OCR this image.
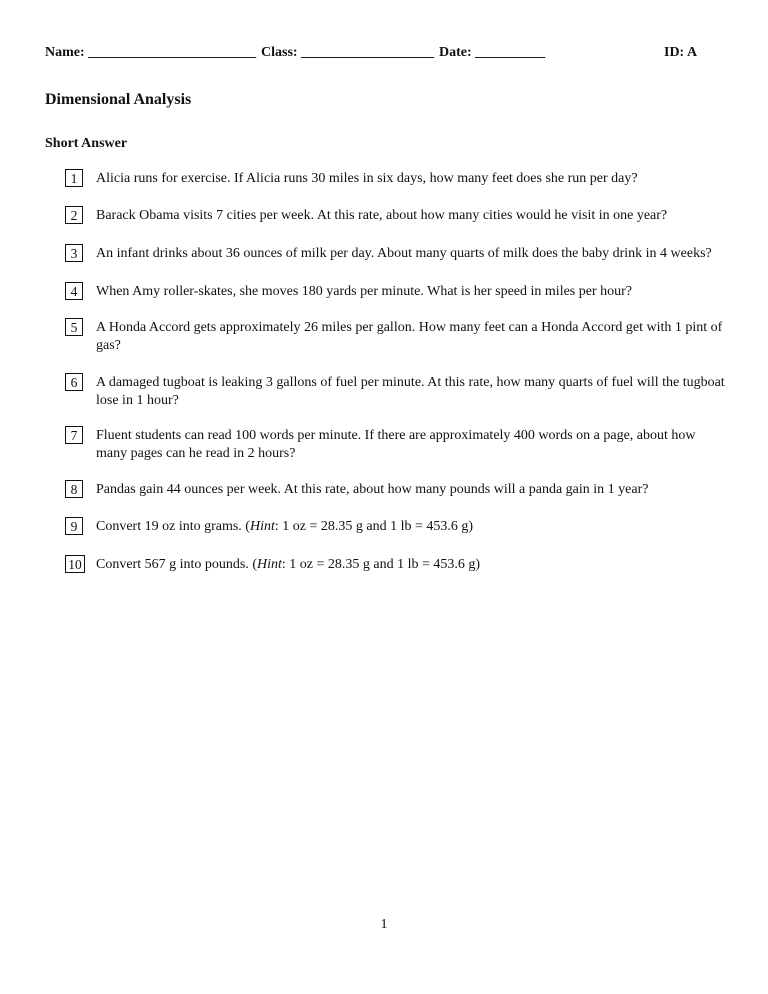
Name: ________________________ Class: ___________________ Date: __________	ID: A
Dimensional Analysis
Short Answer
1	Alicia runs for exercise. If Alicia runs 30 miles in six days, how many feet does she run per day?
2	Barack Obama visits 7 cities per week. At this rate, about how many cities would he visit in one year?
3	An infant drinks about 36 ounces of milk per day. About many quarts of milk does the baby drink in 4 weeks?
4	When Amy roller-skates, she moves 180 yards per minute. What is her speed in miles per hour?
5	A Honda Accord gets approximately 26 miles per gallon. How many feet can a Honda Accord get with 1 pint of gas?
6	A damaged tugboat is leaking 3 gallons of fuel per minute. At this rate, how many quarts of fuel will the tugboat lose in 1 hour?
7	Fluent students can read 100 words per minute. If there are approximately 400 words on a page, about how many pages can he read in 2 hours?
8	Pandas gain 44 ounces per week. At this rate, about how many pounds will a panda gain in 1 year?
9	Convert 19 oz into grams. (Hint: 1 oz = 28.35 g and 1 lb = 453.6 g)
10 Convert 567 g into pounds. (Hint: 1 oz = 28.35 g and 1 lb = 453.6 g)
1
